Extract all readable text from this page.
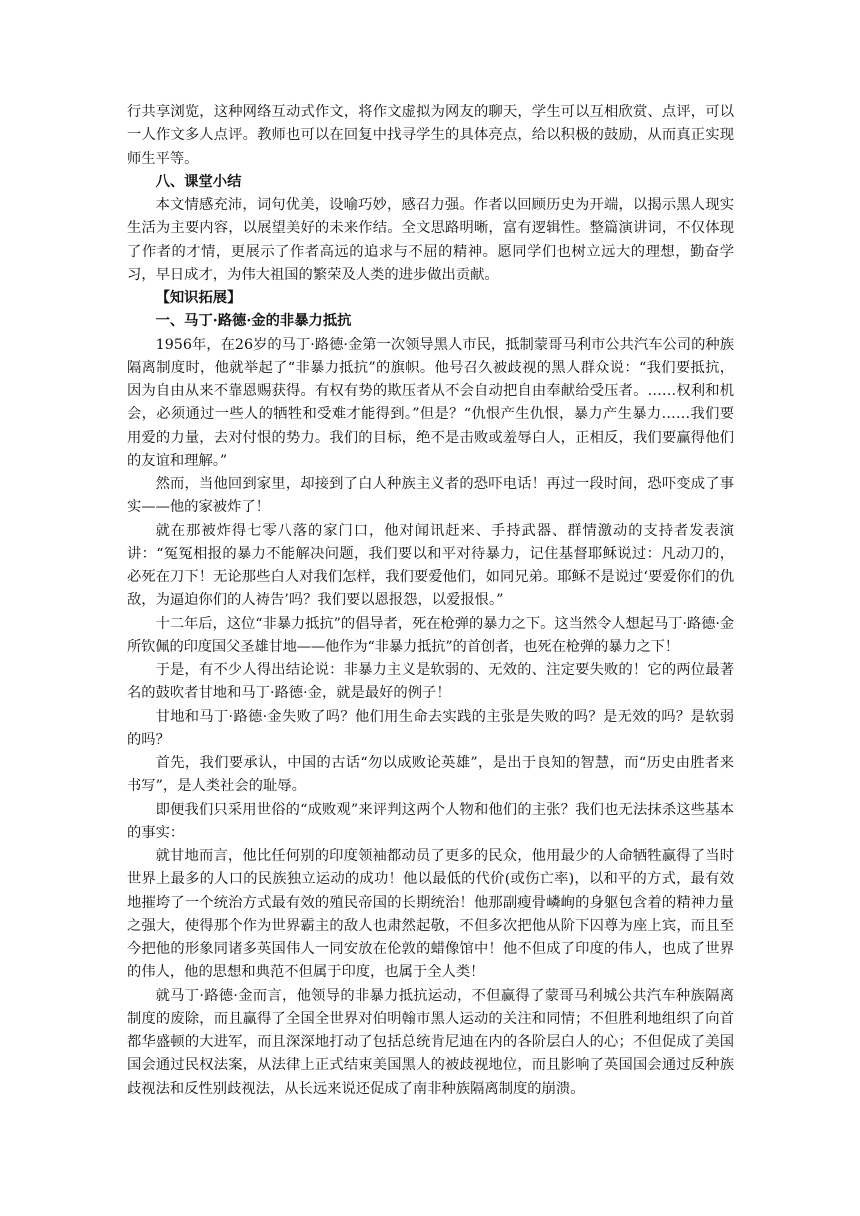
行共享浏览，这种网络互动式作文，将作文虚拟为网友的聊天，学生可以互相欣赏、点评，可以一人作文多人点评。教师也可以在回复中找寻学生的具体亮点，给以积极的鼓励，从而真正实现师生平等。

八、课堂小结

本文情感充沛，词句优美，设喻巧妙，感召力强。作者以回顾历史为开端，以揭示黑人现实生活为主要内容，以展望美好的未来作结。全文思路明晰，富有逻辑性。整篇演讲词，不仅体现了作者的才情，更展示了作者高远的追求与不屈的精神。愿同学们也树立远大的理想，勤奋学习，早日成才，为伟大祖国的繁荣及人类的进步做出贡献。

【知识拓展】

一、马丁·路德·金的非暴力抵抗

1956年，在26岁的马丁·路德·金第一次领导黑人市民，抵制蒙哥马利市公共汽车公司的种族隔离制度时，他就举起了“非暴力抵抗”的旗帜。他号召久被歧视的黑人群众说：“我们要抵抗，因为自由从来不靠恩赐获得。有权有势的欺压者从不会自动把自由奉献给受压者。……权利和机会，必须通过一些人的牺牲和受难才能得到。”但是？“仇恨产生仇恨，暴力产生暴力……我们要用爱的力量，去对付恨的势力。我们的目标，绝不是击败或羞辱白人，正相反，我们要赢得他们的友谊和理解。”

然而，当他回到家里，却接到了白人种族主义者的恐吓电话！再过一段时间，恐吓变成了事实——他的家被炸了！

就在那被炸得七零八落的家门口，他对闻讯赶来、手持武器、群情激动的支持者发表演讲：“冤冤相报的暴力不能解决问题，我们要以和平对待暴力，记住基督耶稣说过：凡动刀的，必死在刀下！无论那些白人对我们怎样，我们要爱他们，如同兄弟。耶稣不是说过‘要爱你们的仇敌，为逼迫你们的人祷告’吗？我们要以恩报怨，以爱报恨。”

十二年后，这位“非暴力抵抗”的倡导者，死在枪弹的暴力之下。这当然令人想起马丁·路德·金所钦佩的印度国父圣雄甘地——他作为“非暴力抵抗”的首创者，也死在枪弹的暴力之下！

于是，有不少人得出结论说：非暴力主义是软弱的、无效的、注定要失败的！它的两位最著名的鼓吹者甘地和马丁·路德·金，就是最好的例子！

甘地和马丁·路德·金失败了吗？他们用生命去实践的主张是失败的吗？是无效的吗？是软弱的吗？

首先，我们要承认，中国的古话“勿以成败论英雄”，是出于良知的智慧，而“历史由胜者来书写”，是人类社会的耻辱。

即便我们只采用世俗的“成败观”来评判这两个人物和他们的主张？我们也无法抹杀这些基本的事实：

就甘地而言，他比任何别的印度领袖都动员了更多的民众，他用最少的人命牺牲赢得了当时世界上最多的人口的民族独立运动的成功！他以最低的代价(或伤亡率)，以和平的方式，最有效地摧垮了一个统治方式最有效的殖民帝国的长期统治！他那副瘦骨嶙峋的身躯包含着的精神力量之强大，使得那个作为世界霸主的敌人也肃然起敬，不但多次把他从阶下囚尊为座上宾，而且至今把他的形象同诸多英国伟人一同安放在伦敦的蜡像馆中！他不但成了印度的伟人，也成了世界的伟人，他的思想和典范不但属于印度，也属于全人类！

就马丁·路德·金而言，他领导的非暴力抵抗运动，不但赢得了蒙哥马利城公共汽车种族隔离制度的废除，而且赢得了全国全世界对伯明翰市黑人运动的关注和同情；不但胜利地组织了向首都华盛顿的大进军，而且深深地打动了包括总统肯尼迪在内的各阶层白人的心；不但促成了美国国会通过民权法案，从法律上正式结束美国黑人的被歧视地位，而且影响了英国国会通过反种族歧视法和反性别歧视法，从长远来说还促成了南非种族隔离制度的崩溃。
